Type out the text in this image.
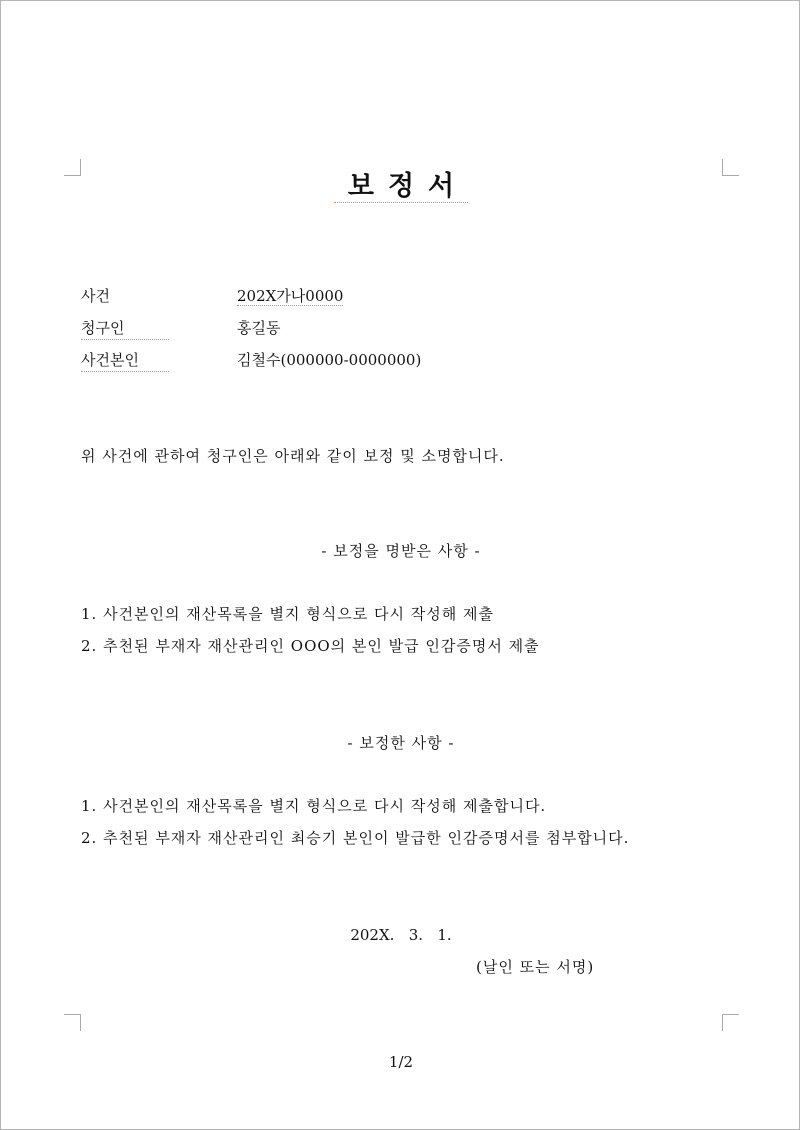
보정서
사건	202X가나0000
청구인	홍길동
사건본인	김철수(000000-0000000)
위 사건에 관하여 청구인은 아래와 같이 보정 및 소명합니다.
- 보정을 명받은 사항 -
1. 사건본인의 재산목록을 별지 형식으로 다시 작성해 제출
2. 추천된 부재자 재산관리인 OOO의 본인 발급 인감증명서 제출
- 보정한 사항 -
1. 사건본인의 재산목록을 별지 형식으로 다시 작성해 제출합니다.
2. 추천된 부재자 재산관리인 최승기 본인이 발급한 인감증명서를 첨부합니다.
202X.   3.   1.
(날인 또는 서명)
1/2
